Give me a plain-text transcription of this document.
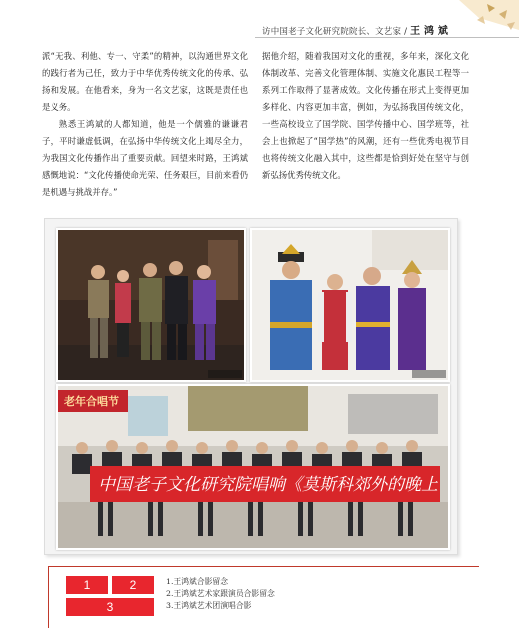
访中国老子文化研究院院长、文艺家 / 王 鸿 斌

派“无我、利他、专一、守柔”的精神，以沟通世界文化的践行者为己任，致力于中华优秀传统文化的传承、弘扬和发展。在他看来，身为一名文艺家，这既是责任也是义务。

熟悉王鸿斌的人都知道，他是一个儒雅的谦谦君子，平时谦虚低调，在弘扬中华传统文化上竭尽全力，为我国文化传播作出了重要贡献。回望来时路，王鸿斌感慨地说：“文化传播使命光荣、任务艰巨，目前来看仍是机遇与挑战并存。”

据他介绍，随着我国对文化的重视，多年来，深化文化体制改革、完善文化管理体制、实施文化惠民工程等一系列工作取得了显著成效。文化传播在形式上变得更加多样化、内容更加丰富，例如，为弘扬我国传统文化，一些高校设立了国学院、国学传播中心、国学班等，社会上也掀起了“国学热”的风潮，还有一些优秀电视节目也将传统文化融入其中，这些都是恰到好处在坚守与创新弘扬优秀传统文化。

老年合唱节
中国老子文化研究院唱响《莫斯科郊外的晚上
1	2
3
1.王鸿斌合影留念
2.王鸿斌艺术家跟演员合影留念
3.王鸿斌艺术团演唱合影
